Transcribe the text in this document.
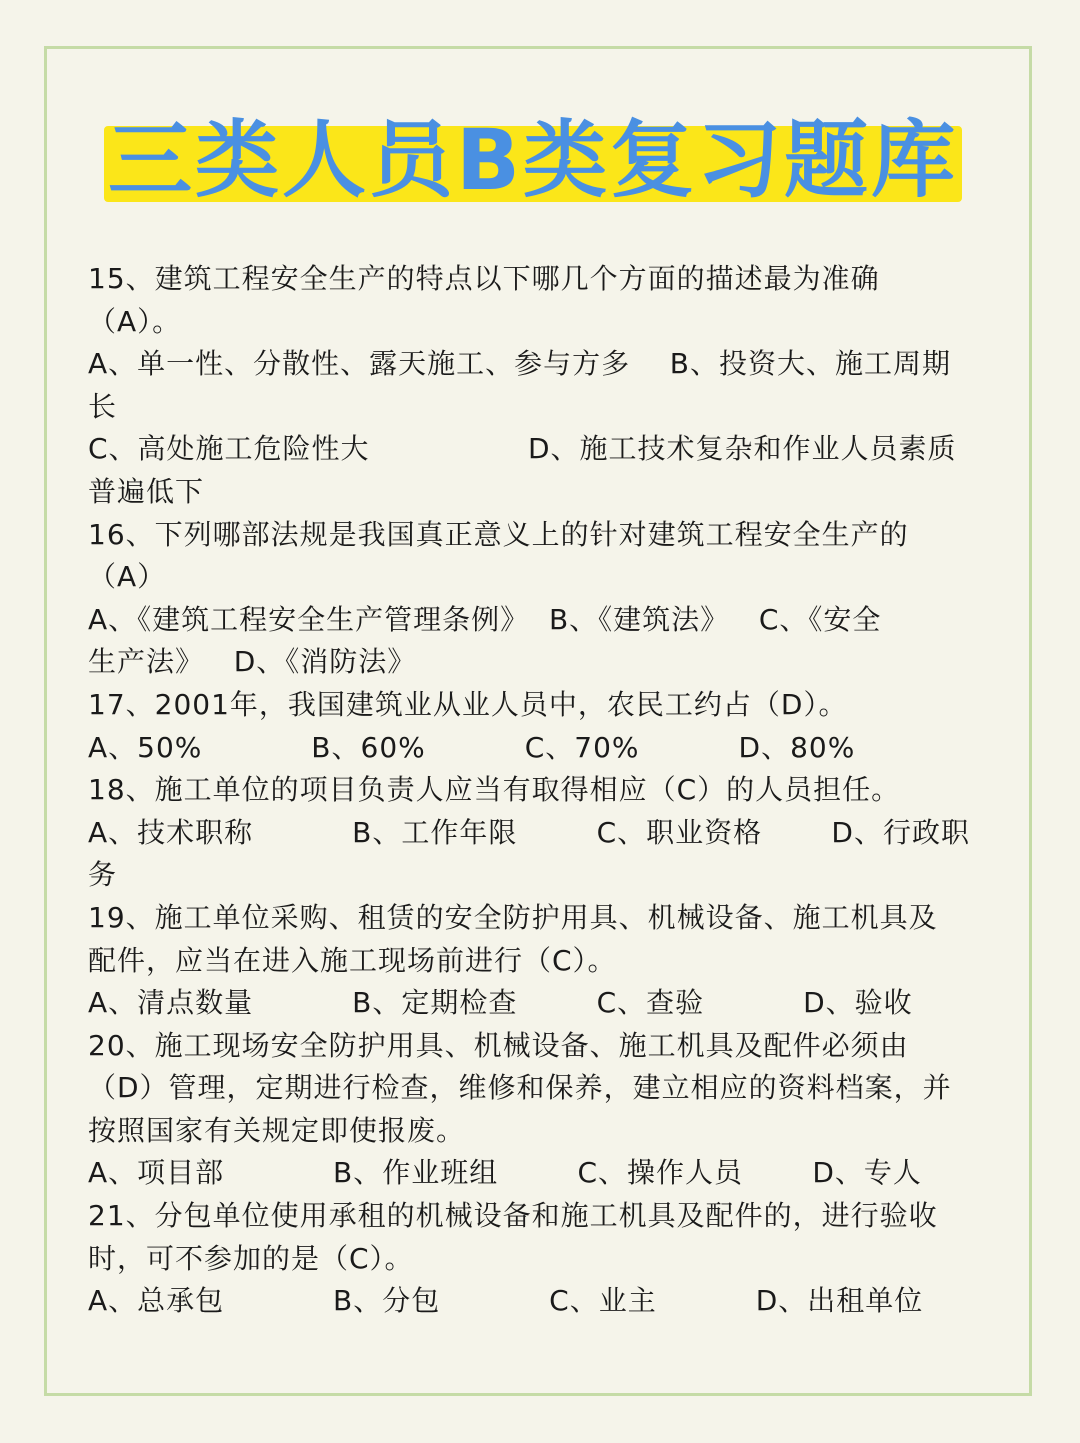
三类人员B类复习题库
15、建筑工程安全生产的特点以下哪几个方面的描述最为准确
（A）。
A、单一性、分散性、露天施工、参与方多    B、投资大、施工周期
长
C、高处施工危险性大                D、施工技术复杂和作业人员素质
普遍低下
16、下列哪部法规是我国真正意义上的针对建筑工程安全生产的
（A）
A、《建筑工程安全生产管理条例》  B、《建筑法》   C、《安全
生产法》   D、《消防法》
17、2001年，我国建筑业从业人员中，农民工约占（D）。
A、50%           B、60%          C、70%          D、80%
18、施工单位的项目负责人应当有取得相应（C）的人员担任。
A、技术职称          B、工作年限        C、职业资格       D、行政职
务
19、施工单位采购、租赁的安全防护用具、机械设备、施工机具及
配件，应当在进入施工现场前进行（C）。
A、清点数量          B、定期检查        C、查验          D、验收
20、施工现场安全防护用具、机械设备、施工机具及配件必须由
（D）管理，定期进行检查，维修和保养，建立相应的资料档案，并
按照国家有关规定即使报废。
A、项目部           B、作业班组        C、操作人员       D、专人
21、分包单位使用承租的机械设备和施工机具及配件的，进行验收
时，可不参加的是（C）。
A、总承包           B、分包           C、业主          D、出租单位
